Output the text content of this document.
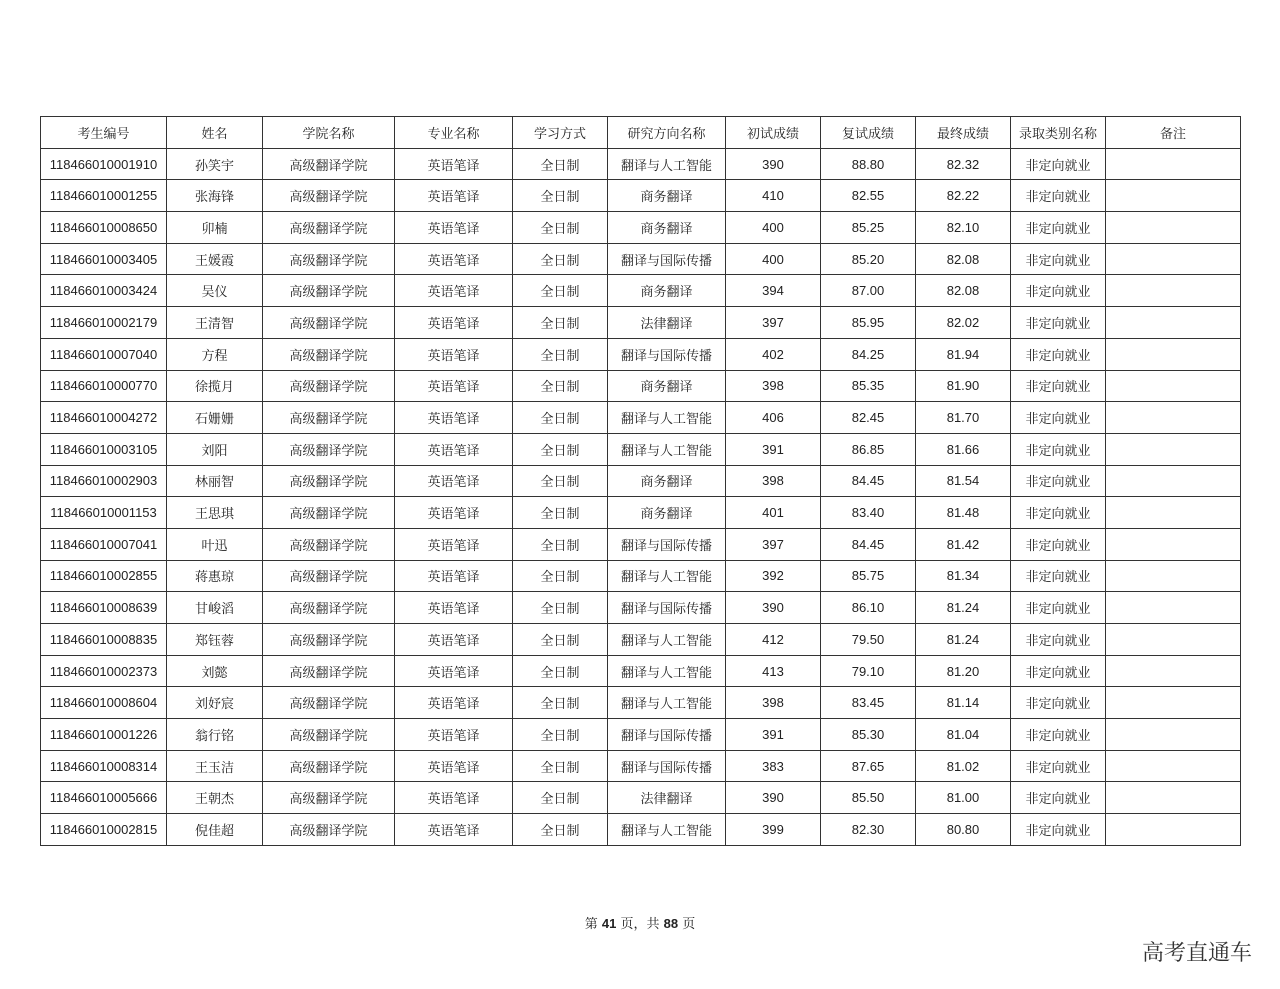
考生编号	姓名	学院名称	专业名称	学习方式	研究方向名称	初试成绩	复试成绩	最终成绩	录取类别名称	备注
118466010001910	孙笑宇	高级翻译学院	英语笔译	全日制	翻译与人工智能	390	88.80	82.32	非定向就业	
118466010001255	张海锋	高级翻译学院	英语笔译	全日制	商务翻译	410	82.55	82.22	非定向就业	
118466010008650	卯楠	高级翻译学院	英语笔译	全日制	商务翻译	400	85.25	82.10	非定向就业	
118466010003405	王媛霞	高级翻译学院	英语笔译	全日制	翻译与国际传播	400	85.20	82.08	非定向就业	
118466010003424	吴仪	高级翻译学院	英语笔译	全日制	商务翻译	394	87.00	82.08	非定向就业	
118466010002179	王清智	高级翻译学院	英语笔译	全日制	法律翻译	397	85.95	82.02	非定向就业	
118466010007040	方程	高级翻译学院	英语笔译	全日制	翻译与国际传播	402	84.25	81.94	非定向就业	
118466010000770	徐揽月	高级翻译学院	英语笔译	全日制	商务翻译	398	85.35	81.90	非定向就业	
118466010004272	石姗姗	高级翻译学院	英语笔译	全日制	翻译与人工智能	406	82.45	81.70	非定向就业	
118466010003105	刘阳	高级翻译学院	英语笔译	全日制	翻译与人工智能	391	86.85	81.66	非定向就业	
118466010002903	林丽智	高级翻译学院	英语笔译	全日制	商务翻译	398	84.45	81.54	非定向就业	
118466010001153	王思琪	高级翻译学院	英语笔译	全日制	商务翻译	401	83.40	81.48	非定向就业	
118466010007041	叶迅	高级翻译学院	英语笔译	全日制	翻译与国际传播	397	84.45	81.42	非定向就业	
118466010002855	蒋惠琼	高级翻译学院	英语笔译	全日制	翻译与人工智能	392	85.75	81.34	非定向就业	
118466010008639	甘峻滔	高级翻译学院	英语笔译	全日制	翻译与国际传播	390	86.10	81.24	非定向就业	
118466010008835	郑钰蓉	高级翻译学院	英语笔译	全日制	翻译与人工智能	412	79.50	81.24	非定向就业	
118466010002373	刘懿	高级翻译学院	英语笔译	全日制	翻译与人工智能	413	79.10	81.20	非定向就业	
118466010008604	刘妤宸	高级翻译学院	英语笔译	全日制	翻译与人工智能	398	83.45	81.14	非定向就业	
118466010001226	翁行铭	高级翻译学院	英语笔译	全日制	翻译与国际传播	391	85.30	81.04	非定向就业	
118466010008314	王玉洁	高级翻译学院	英语笔译	全日制	翻译与国际传播	383	87.65	81.02	非定向就业	
118466010005666	王朝杰	高级翻译学院	英语笔译	全日制	法律翻译	390	85.50	81.00	非定向就业	
118466010002815	倪佳超	高级翻译学院	英语笔译	全日制	翻译与人工智能	399	82.30	80.80	非定向就业	
第 41 页，共 88 页
高考直通车
